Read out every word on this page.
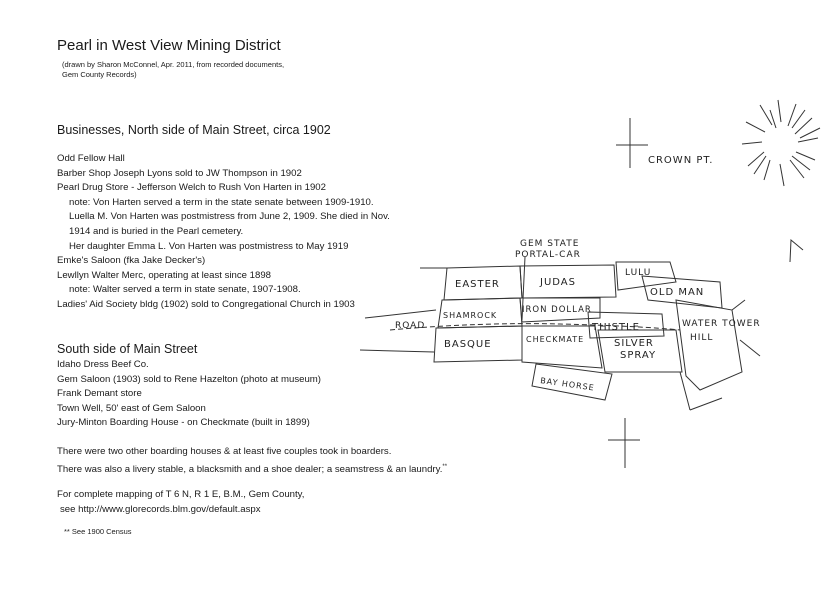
Pearl in West View Mining District
(drawn by Sharon McConnel, Apr. 2011, from recorded documents, Gem County Records)
Businesses, North side of Main Street, circa 1902
Odd Fellow Hall
Barber Shop Joseph Lyons sold to JW Thompson in 1902
Pearl Drug Store - Jefferson Welch to Rush Von Harten in 1902
note: Von Harten served a term in the state senate between 1909-1910.
Luella M. Von Harten was postmistress from June 2, 1909. She died in Nov.
1914 and is buried in the Pearl cemetery.
Her daughter Emma L. Von Harten was postmistress to May 1919
Emke's Saloon (fka Jake Decker's)
Lewllyn Walter Merc, operating at least since 1898
note: Walter served a term in state senate, 1907-1908.
Ladies' Aid Society bldg (1902) sold to Congregational Church in 1903
South side of Main Street
Idaho Dress Beef Co.
Gem Saloon (1903) sold to Rene Hazelton (photo at museum)
Frank Demant store
Town Well, 50' east of Gem Saloon
Jury-Minton Boarding House - on Checkmate (built in 1899)
There were two other boarding houses & at least five couples took in boarders.
There was also a livery stable, a blacksmith and a shoe dealer; a seamstress & an laundry.**
For complete mapping of T 6 N, R 1 E, B.M., Gem County,
see http://www.glorecords.blm.gov/default.aspx
** See 1900 Census
CROWN PT.
GEM STATE
PORTAL-CAR
ROAD
EASTER	JUDAS
LULU
OLD MAN
SHAMROCK
IRON DOLLAR
THISTLE	WATER TOWER
HILL
BASQUE	CHECKMATE	SILVER
SPRAY
BAY HORSE
